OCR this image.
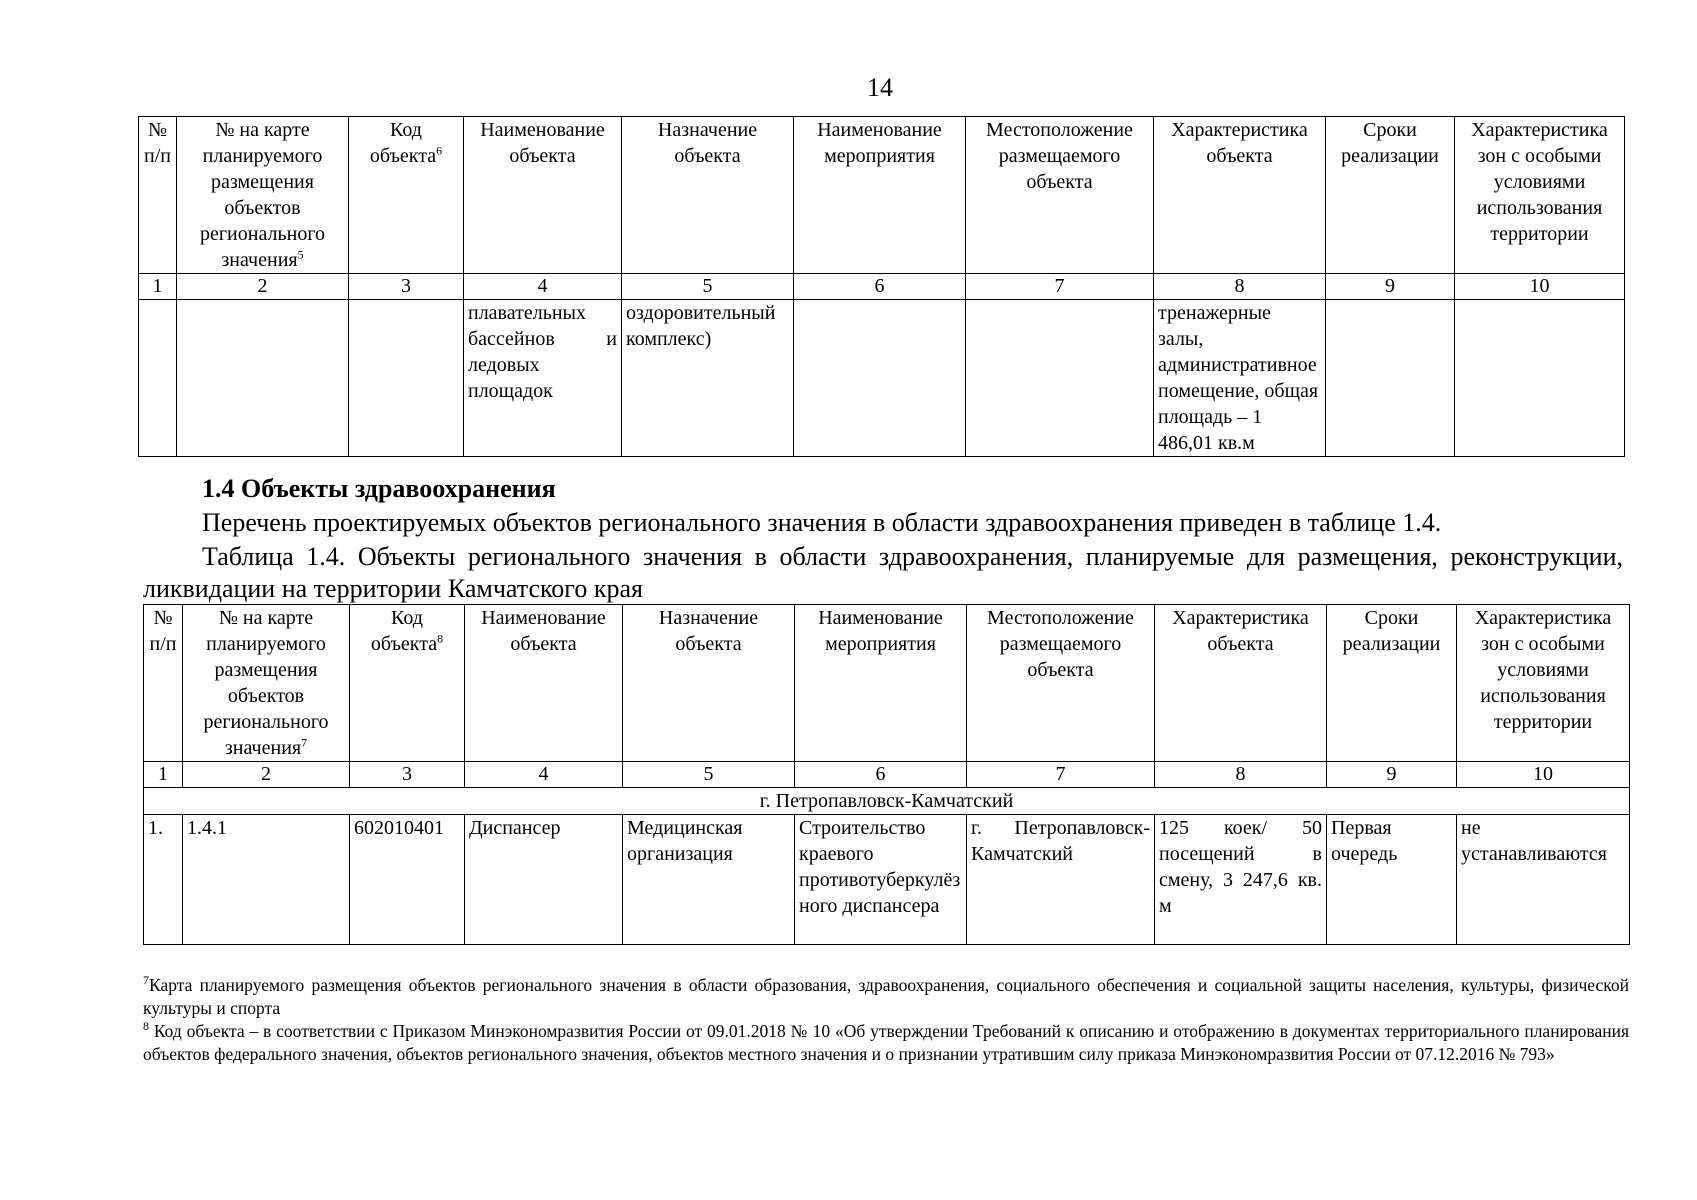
14
№ п/п	№ на карте планируемого размещения объектов регионального значения$^5$	Код объекта$^6$	Наименование объекта	Назначение объекта	Наименование мероприятия	Местоположение размещаемого объекта	Характеристика объекта	Сроки реализации	Характеристика зон с особыми условиями использования территории
1	2	3	4	5	6	7	8	9	10
			плавательных бассейнов и ледовых площадок	оздоровительный комплекс)			тренажерные залы, административное помещение, общая площадь – 1 486,01 кв.м		
1.4 Объекты здравоохранения
Перечень проектируемых объектов регионального значения в области здравоохранения приведен в таблице 1.4.
Таблица 1.4. Объекты регионального значения в области здравоохранения, планируемые для размещения, реконструкции, ликвидации на территории Камчатского края
№ п/п	№ на карте планируемого размещения объектов регионального значения$^7$	Код объекта$^8$	Наименование объекта	Назначение объекта	Наименование мероприятия	Местоположение размещаемого объекта	Характеристика объекта	Сроки реализации	Характеристика зон с особыми условиями использования территории
1	2	3	4	5	6	7	8	9	10
г. Петропавловск-Камчатский									
1.	1.4.1	602010401	Диспансер	Медицинская организация	Строительство краевого противотуберкулёзного диспансера	г. Петропавловск-Камчатский	125 коек/ 50 посещений в смену, 3 247,6 кв. м	Первая очередь	не устанавливаются

$^7$Карта планируемого размещения объектов регионального значения в области образования, здравоохранения, социального обеспечения и социальной защиты населения, культуры, физической культуры и спорта

$^8$ Код объекта – в соответствии с Приказом Минэкономразвития России от 09.01.2018 № 10 «Об утверждении Требований к описанию и отображению в документах территориального планирования объектов федерального значения, объектов регионального значения, объектов местного значения и о признании утратившим силу приказа Минэкономразвития России от 07.12.2016 № 793»
